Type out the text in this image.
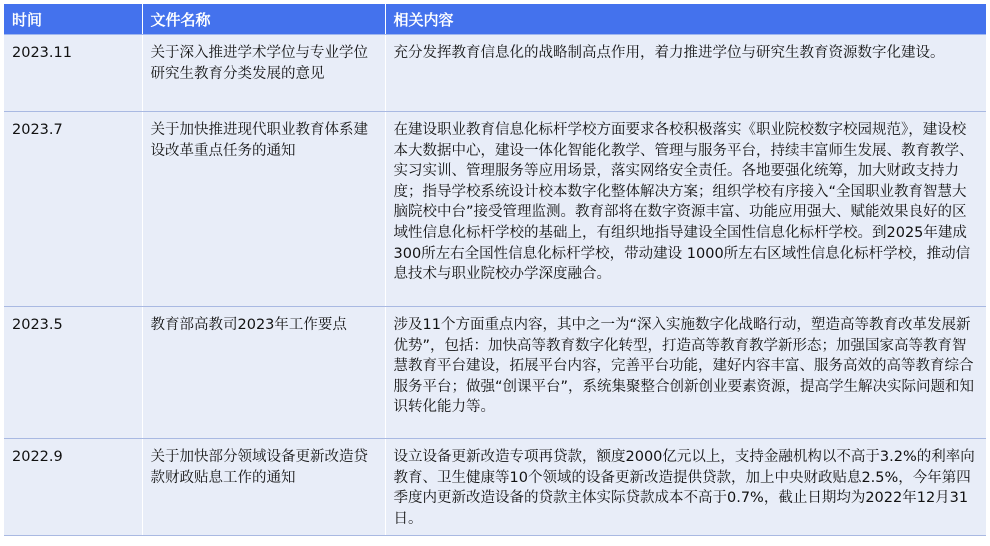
时间	文件名称	相关内容
2023.11	关于深入推进学术学位与专业学位研究生教育分类发展的意见	充分发挥教育信息化的战略制高点作用，着力推进学位与研究生教育资源数字化建设。
2023.7	关于加快推进现代职业教育体系建设改革重点任务的通知	在建设职业教育信息化标杆学校方面要求各校积极落实《职业院校数字校园规范》，建设校本大数据中心，建设一体化智能化教学、管理与服务平台，持续丰富师生发展、教育教学、实习实训、管理服务等应用场景，落实网络安全责任。各地要强化统筹，加大财政支持力度；指导学校系统设计校本数字化整体解决方案；组织学校有序接入“全国职业教育智慧大脑院校中台”接受管理监测。教育部将在数字资源丰富、功能应用强大、赋能效果良好的区域性信息化标杆学校的基础上，有组织地指导建设全国性信息化标杆学校。到2025年建成 300所左右全国性信息化标杆学校，带动建设 1000所左右区域性信息化标杆学校，推动信息技术与职业院校办学深度融合。
2023.5	教育部高教司2023年工作要点	涉及11个方面重点内容，其中之一为“深入实施数字化战略行动，塑造高等教育改革发展新优势”，包括：加快高等教育数字化转型，打造高等教育教学新形态；加强国家高等教育智慧教育平台建设，拓展平台内容，完善平台功能，建好内容丰富、服务高效的高等教育综合服务平台；做强“创课平台”，系统集聚整合创新创业要素资源，提高学生解决实际问题和知识转化能力等。
2022.9	关于加快部分领域设备更新改造贷款财政贴息工作的通知	设立设备更新改造专项再贷款，额度2000亿元以上，支持金融机构以不高于3.2%的利率向教育、卫生健康等10个领域的设备更新改造提供贷款，加上中央财政贴息2.5%，今年第四季度内更新改造设备的贷款主体实际贷款成本不高于0.7%，截止日期均为2022年12月31日。
